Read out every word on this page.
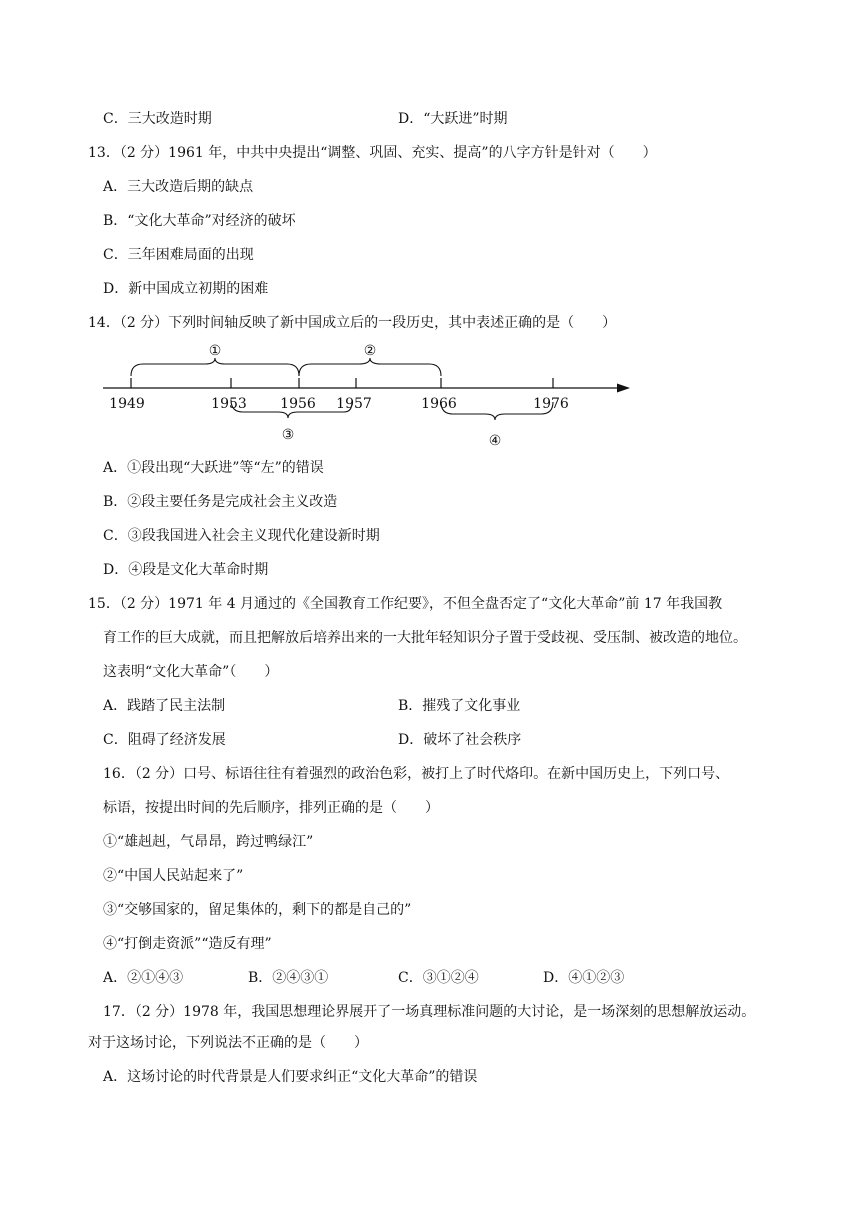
C．三大改造时期	D．“大跃进”时期
13．（2 分）1961 年，中共中央提出“调整、巩固、充实、提高”的八字方针是针对（　　）
A．三大改造后期的缺点
B．“文化大革命”对经济的破坏
C．三年困难局面的出现
D．新中国成立初期的困难
14．（2 分）下列时间轴反映了新中国成立后的一段历史，其中表述正确的是（　　）
1949	1953 1956 1957	1966	1976
①	②
③	④
A．①段出现“大跃进”等“左”的错误
B．②段主要任务是完成社会主义改造
C．③段我国进入社会主义现代化建设新时期
D．④段是文化大革命时期
15．（2 分）1971 年 4 月通过的《全国教育工作纪要》，不但全盘否定了“文化大革命”前 17 年我国教
育工作的巨大成就，而且把解放后培养出来的一大批年轻知识分子置于受歧视、受压制、被改造的地位。
这表明“文化大革命”（　　）
A．践踏了民主法制	B．摧残了文化事业
C．阻碍了经济发展	D．破坏了社会秩序
16．（2 分）口号、标语往往有着强烈的政治色彩，被打上了时代烙印。在新中国历史上，下列口号、
标语，按提出时间的先后顺序，排列正确的是（　　）
①“雄赳赳，气昂昂，跨过鸭绿江”
②“中国人民站起来了”
③“交够国家的，留足集体的，剩下的都是自己的”
④“打倒走资派”“造反有理”
A．②①④③	B．②④③①	C．③①②④	D．④①②③
17．（2 分）1978 年，我国思想理论界展开了一场真理标准问题的大讨论，是一场深刻的思想解放运动。
对于这场讨论，下列说法不正确的是（　　）
A．这场讨论的时代背景是人们要求纠正“文化大革命”的错误
